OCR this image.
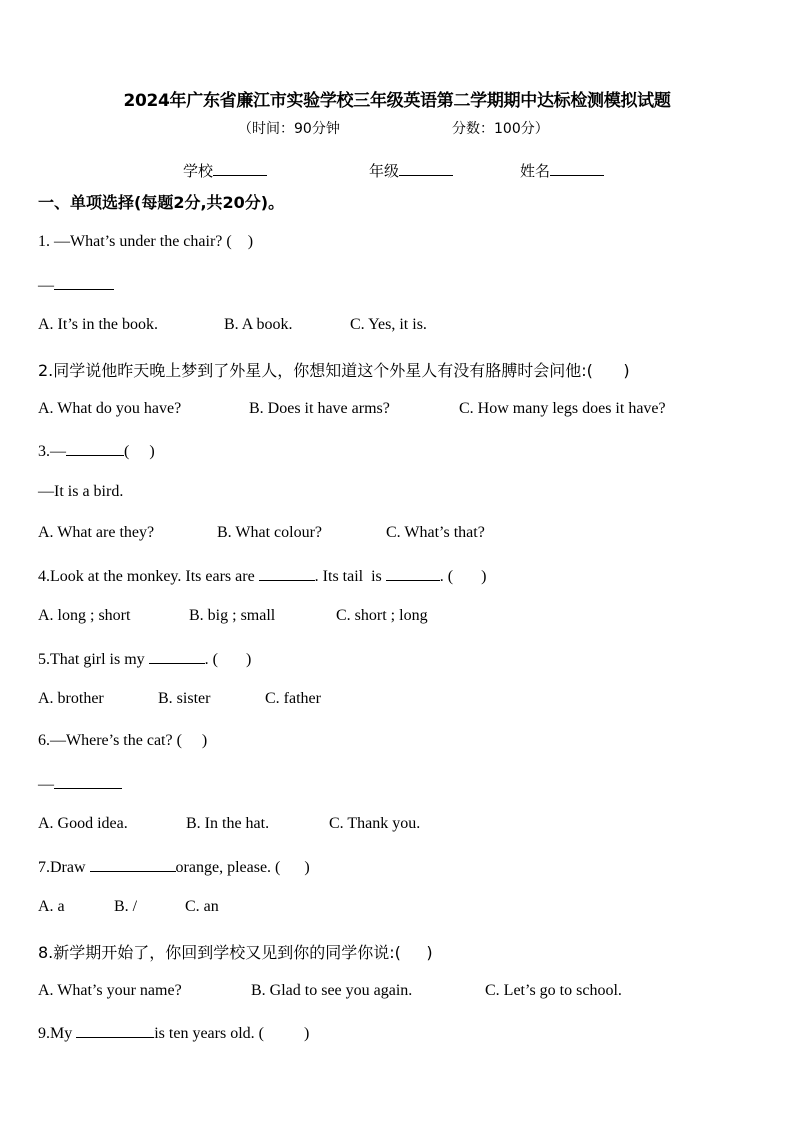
2024年广东省廉江市实验学校三年级英语第二学期期中达标检测模拟试题
（时间：90分钟	分数：100分）
学校	年级	姓名
一、单项选择(每题2分,共20分)。
1. —What’s under the chair? (    )
—
A. It’s in the book.	B. A book.	C. Yes, it is.
2.同学说他昨天晚上梦到了外星人，你想知道这个外星人有没有胳膊时会问他:(      )
A. What do you have?	B. Does it have arms?	C. How many legs does it have?
3.—	(     )
—It is a bird.
A. What are they?	B. What colour?	C. What’s that?
4.Look at the monkey. Its ears are	. Its tail  is	. (       )
A. long ; short	B. big ; small	C. short ; long
5.That girl is my	. (       )
A. brother	B. sister	C. father
6.—Where’s the cat? (     )
—
A. Good idea.	B. In the hat.	C. Thank you.
7.Draw	orange, please. (      )
A. a	B. /	C. an
8.新学期开始了，你回到学校又见到你的同学你说:(     )
A. What’s your name?	B. Glad to see you again.	C. Let’s go to school.
9.My	is ten years old. (          )
